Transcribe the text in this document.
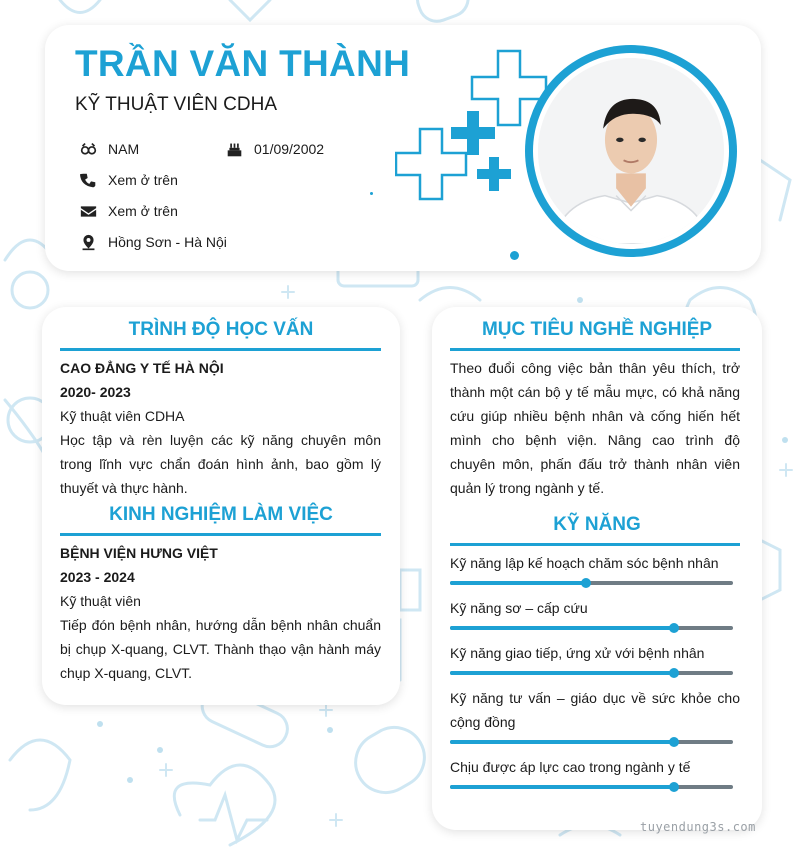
TRẦN VĂN THÀNH
KỸ THUẬT VIÊN CDHA
NAM	01/09/2002
Xem ở trên
Xem ở trên
Hồng Sơn - Hà Nội
TRÌNH ĐỘ HỌC VẤN
CAO ĐẲNG Y TẾ HÀ NỘI
2020- 2023
Kỹ thuật viên CDHA
Học tập và rèn luyện các kỹ năng chuyên môn trong lĩnh vực chẩn đoán hình ảnh, bao gồm lý thuyết và thực hành.
KINH NGHIỆM LÀM VIỆC
BỆNH VIỆN HƯNG VIỆT
2023 - 2024
Kỹ thuật viên
Tiếp đón bệnh nhân, hướng dẫn bệnh nhân chuẩn bị chụp X-quang, CLVT. Thành thạo vận hành máy chụp X-quang, CLVT.
MỤC TIÊU NGHỀ NGHIỆP
Theo đuổi công việc bản thân yêu thích, trở thành một cán bộ y tế mẫu mực, có khả năng cứu giúp nhiều bệnh nhân và cống hiến hết mình cho bệnh viện. Nâng cao trình độ chuyên môn, phấn đấu trở thành nhân viên quản lý trong ngành y tế.
KỸ NĂNG
Kỹ năng lập kế hoạch chăm sóc bệnh nhân
Kỹ năng sơ – cấp cứu
Kỹ năng giao tiếp, ứng xử với bệnh nhân
Kỹ năng tư vấn – giáo dục về sức khỏe cho cộng đồng
Chịu được áp lực cao trong ngành y tế
tuyendung3s.com
